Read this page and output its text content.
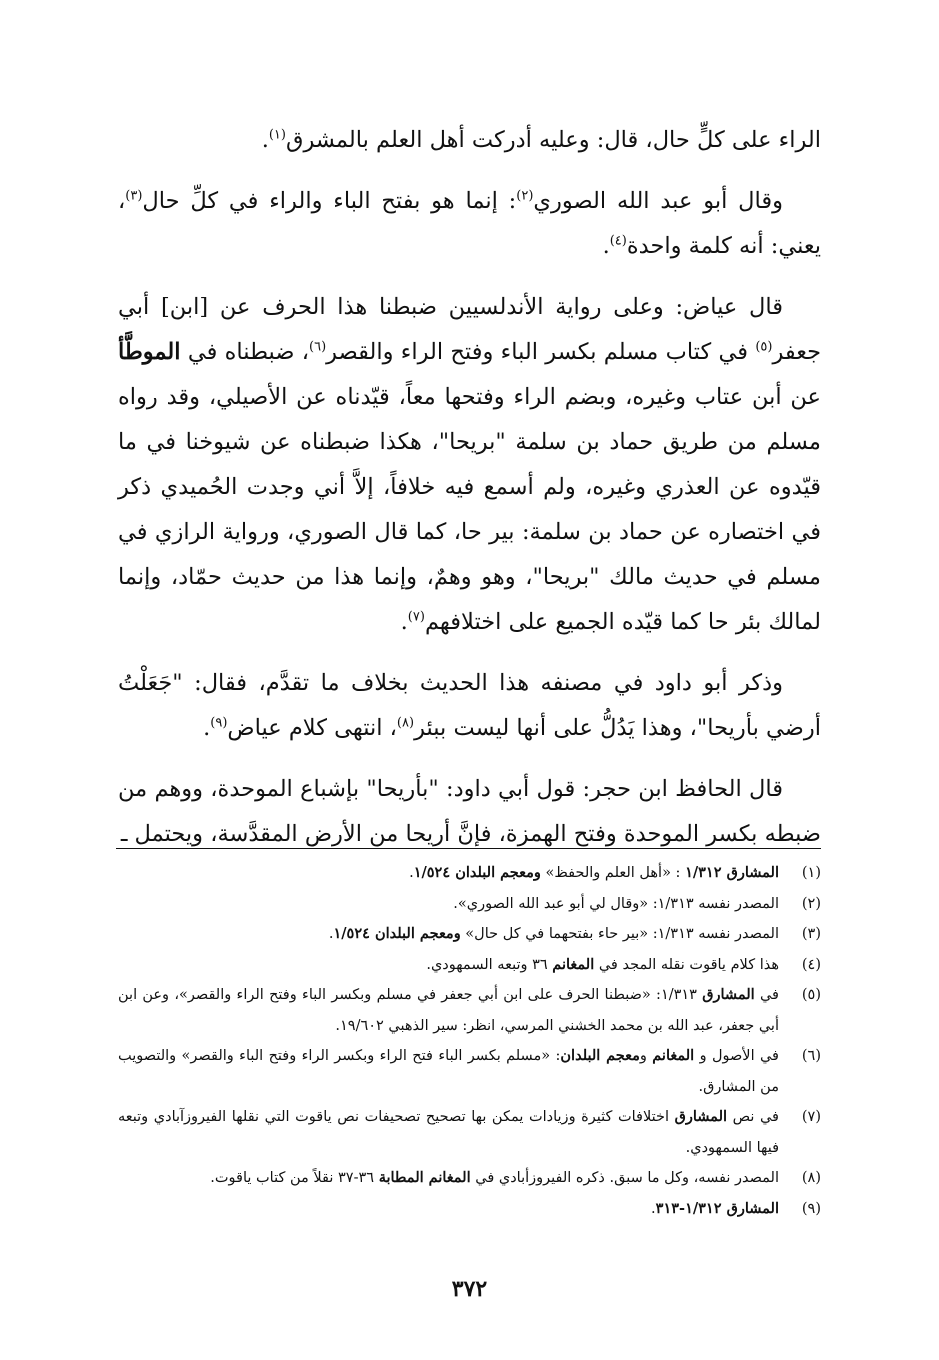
الراء على كلٍّ حال، قال: وعليه أدركت أهل العلم بالمشرق$^{(١)}$.

وقال أبو عبد الله الصوري$^{(٢)}$: إنما هو بفتح الباء والراء في كلِّ حال$^{(٣)}$، يعني: أنه كلمة واحدة$^{(٤)}$.

قال عياض: وعلى رواية الأندلسيين ضبطنا هذا الحرف عن [ابن] أبي جعفر$^{(٥)}$ في كتاب مسلم بكسر الباء وفتح الراء والقصر$^{(٦)}$، ضبطناه في الموطَّأ عن أبن عتاب وغيره، وبضم الراء وفتحها معاً، قيّدناه عن الأصيلي، وقد رواه مسلم من طريق حماد بن سلمة "بريحا"، هكذا ضبطناه عن شيوخنا في ما قيّدوه عن العذري وغيره، ولم أسمع فيه خلافاً، إلاَّ أني وجدت الحُميدي ذكر في اختصاره عن حماد بن سلمة: بير حا، كما قال الصوري، ورواية الرازي في مسلم في حديث مالك "بريحا"، وهو وهمٌ، وإنما هذا من حديث حمّاد، وإنما لمالك بئر حا كما قيّده الجميع على اختلافهم$^{(٧)}$.

وذكر أبو داود في مصنفه هذا الحديث بخلاف ما تقدَّم، فقال: "جَعَلْتُ أرضي بأريحا"، وهذا يَدُلُّ على أنها ليست ببئر$^{(٨)}$، انتهى كلام عياض$^{(٩)}$.

قال الحافظ ابن حجر: قول أبي داود: "بأريحا" بإشباع الموحدة، ووهم من ضبطه بكسر الموحدة وفتح الهمزة، فإنَّ أريحا من الأرض المقدَّسة، ويحتمل ـ

(١)
المشارق ١/٣١٢ : «أهل العلم والحفظ» ومعجم البلدان ١/٥٢٤.
(٢)
المصدر نفسه ١/٣١٣: «وقال لي أبو عبد الله الصوري».
(٣)
المصدر نفسه ١/٣١٣: «بير حاء بفتحهما في كل حال» ومعجم البلدان ١/٥٢٤.
(٤)
هذا كلام ياقوت نقله المجد في المغانم ٣٦ وتبعه السمهودي.
(٥)
في المشارق ١/٣١٣: «ضبطنا الحرف على ابن أبي جعفر في مسلم وبكسر الباء وفتح الراء والقصر»، وعن ابن أبي جعفر، عبد الله بن محمد الخشني المرسي، انظر: سير الذهبي ١٩/٦٠٢.
(٦)
في الأصول و المغانم ومعجم البلدان: «مسلم بكسر الباء فتح الراء وبكسر الراء وفتح الباء والقصر» والتصويب من المشارق.
(٧)
في نص المشارق اختلافات كثيرة وزيادات يمكن بها تصحيح تصحيفات نص ياقوت التي نقلها الفيروزآبادي وتبعه فيها السمهودي.
(٨)
المصدر نفسه، وكل ما سبق. ذكره الفيروزأبادي في المغانم المطابة ٣٦-٣٧ نقلاً من كتاب ياقوت.
(٩)
المشارق ١/٣١٢-٣١٣.
٣٧٢
